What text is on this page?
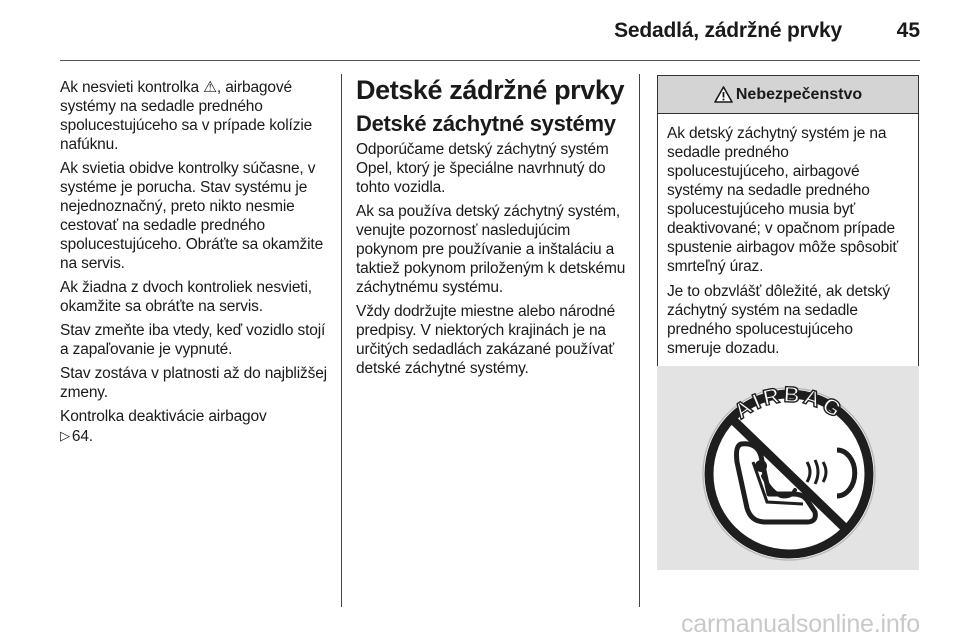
Sedadlá, zádržné prvky	45

Ak nesvieti kontrolka ⚠, airbagové systémy na sedadle predného spolucestujúceho sa v prípade kolízie nafúknu.

Ak svietia obidve kontrolky súčasne, v systéme je porucha. Stav systému je nejednoznačný, preto nikto nesmie cestovať na sedadle predného spolucestujúceho. Obráťte sa okamžite na servis.

Ak žiadna z dvoch kontroliek nesvieti, okamžite sa obráťte na servis.

Stav zmeňte iba vtedy, keď vozidlo stojí a zapaľovanie je vypnuté.

Stav zostáva v platnosti až do najbližšej zmeny.

Kontrolka deaktivácie airbagov
▷ 64.

Detské zádržné prvky
Detské záchytné systémy

Odporúčame detský záchytný systém Opel, ktorý je špeciálne navrhnutý do tohto vozidla.

Ak sa používa detský záchytný systém, venujte pozornosť nasledujúcim pokynom pre používanie a inštaláciu a taktiež pokynom priloženým k detskému záchytnému systému.

Vždy dodržujte miestne alebo národné predpisy. V niektorých krajinách je na určitých sedadlách zakázané používať detské záchytné systémy.

Nebezpečenstvo

Ak detský záchytný systém je na sedadle predného spolucestujúceho, airbagové systémy na sedadle predného spolucestujúceho musia byť deaktivované; v opačnom prípade spustenie airbagov môže spôsobiť smrteľný úraz.

Je to obzvlášť dôležité, ak detský záchytný systém na sedadle predného spolucestujúceho smeruje dozadu.

AIRBAG
carmanualsonline.info
